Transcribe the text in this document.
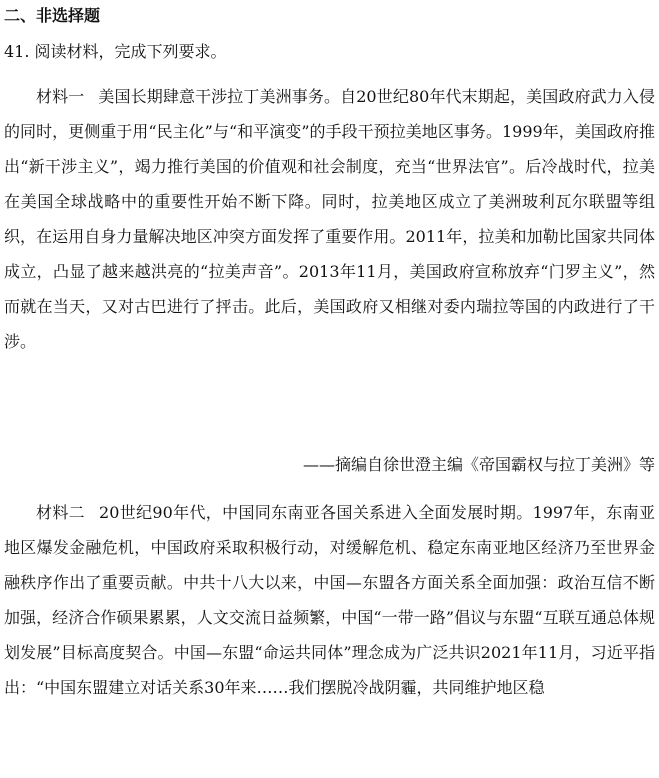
二、非选择题
41. 阅读材料，完成下列要求。

材料一 美国长期肆意干涉拉丁美洲事务。自20世纪80年代末期起，美国政府武力入侵的同时，更侧重于用“民主化”与“和平演变”的手段干预拉美地区事务。1999年，美国政府推出“新干涉主义”，竭力推行美国的价值观和社会制度，充当“世界法官”。后冷战时代，拉美在美国全球战略中的重要性开始不断下降。同时，拉美地区成立了美洲玻利瓦尔联盟等组织，在运用自身力量解决地区冲突方面发挥了重要作用。2011年，拉美和加勒比国家共同体成立，凸显了越来越洪亮的“拉美声音”。2013年11月，美国政府宣称放弃“门罗主义”，然而就在当天，又对古巴进行了抨击。此后，美国政府又相继对委内瑞拉等国的内政进行了干涉。

——摘编自徐世澄主编《帝国霸权与拉丁美洲》等

材料二 20世纪90年代，中国同东南亚各国关系进入全面发展时期。1997年，东南亚地区爆发金融危机，中国政府采取积极行动，对缓解危机、稳定东南亚地区经济乃至世界金融秩序作出了重要贡献。中共十八大以来，中国—东盟各方面关系全面加强：政治互信不断加强，经济合作硕果累累，人文交流日益频繁，中国“一带一路”倡议与东盟“互联互通总体规划发展”目标高度契合。中国—东盟“命运共同体”理念成为广泛共识2021年11月，习近平指出：“中国东盟建立对话关系30年来……我们摆脱冷战阴霾，共同维护地区稳
